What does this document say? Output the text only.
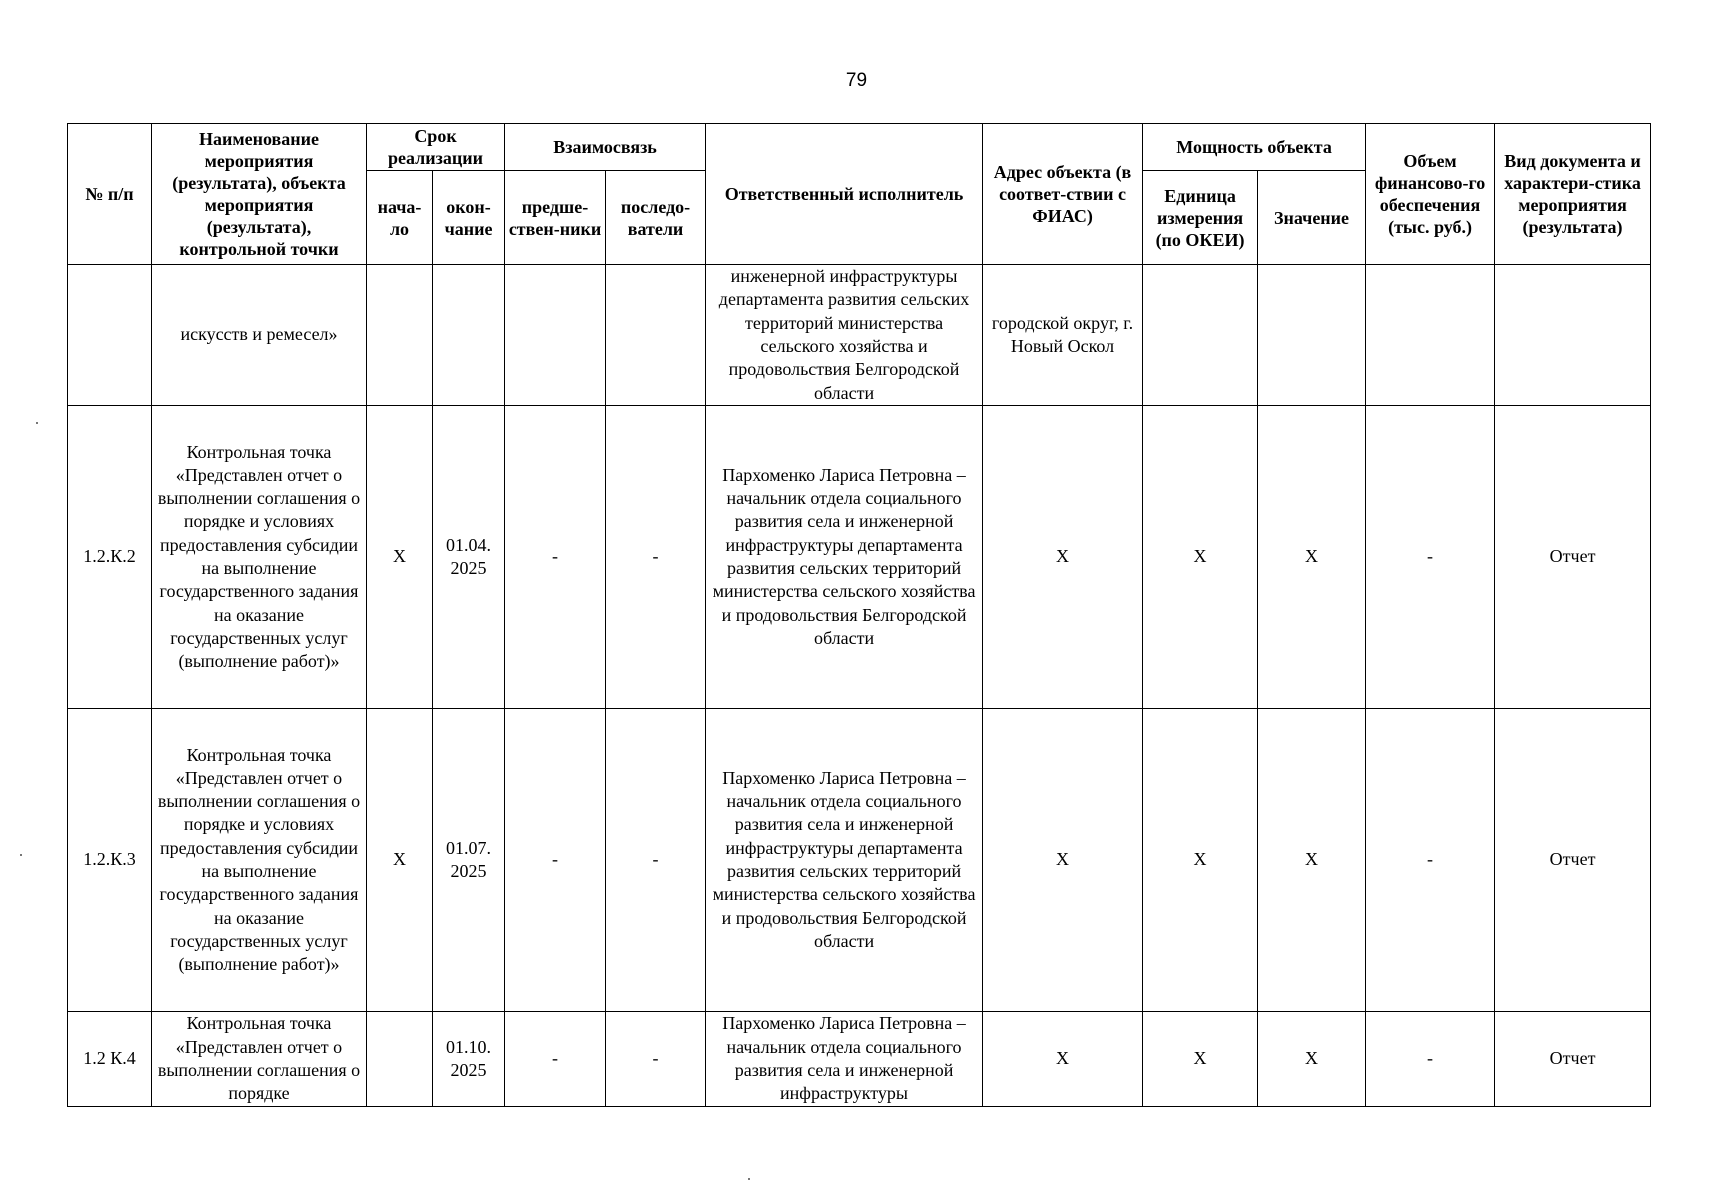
79
№ п/п	Наименование мероприятия (результата), объекта мероприятия (результата), контрольной точки	Срок реализации		Взаимосвязь		Ответственный исполнитель	Адрес объекта (в соответ-ствии с ФИАС)	Мощность объекта		Объем финансово-го обеспечения (тыс. руб.)	Вид документа и характери-стика мероприятия (результата)
		нача-ло	окон-чание	предше-ствен-ники	последо-ватели			Единица измерения (по ОКЕИ)	Значение		
	искусств и ремесел»					инженерной инфраструктуры департамента развития сельских территорий министерства сельского хозяйства и продовольствия Белгородской области	городской округ, г. Новый Оскол				
1.2.К.2	Контрольная точка «Представлен отчет о выполнении соглашения о порядке и условиях предоставления субсидии на выполнение государственного задания на оказание государственных услуг (выполнение работ)»	Х	01.04. 2025	-	-	Пархоменко Лариса Петровна – начальник отдела социального развития села и инженерной инфраструктуры департамента развития сельских территорий министерства сельского хозяйства и продовольствия Белгородской области	Х	Х	Х	-	Отчет
1.2.К.3	Контрольная точка «Представлен отчет о выполнении соглашения о порядке и условиях предоставления субсидии на выполнение государственного задания на оказание государственных услуг (выполнение работ)»	Х	01.07. 2025	-	-	Пархоменко Лариса Петровна – начальник отдела социального развития села и инженерной инфраструктуры департамента развития сельских территорий министерства сельского хозяйства и продовольствия Белгородской области	Х	Х	Х	-	Отчет
1.2 К.4	Контрольная точка «Представлен отчет о выполнении соглашения о порядке		01.10. 2025	-	-	Пархоменко Лариса Петровна – начальник отдела социального развития села и инженерной инфраструктуры	Х	Х	Х	-	Отчет
